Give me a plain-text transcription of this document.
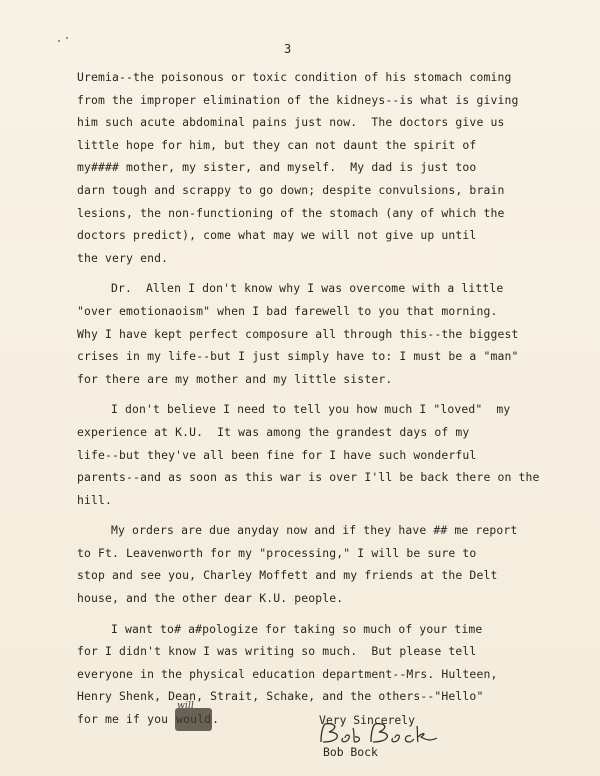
3
Uremia--the poisonous or toxic condition of his stomach coming
from the improper elimination of the kidneys--is what is giving
him such acute abdominal pains just now.  The doctors give us
little hope for him, but they can not daunt the spirit of
my#### mother, my sister, and myself.  My dad is just too
darn tough and scrappy to go down; despite convulsions, brain
lesions, the non-functioning of the stomach (any of which the
doctors predict), come what may we will not give up until
the very end.
Dr.  Allen I don't know why I was overcome with a little
"over emotionaoism" when I bad farewell to you that morning.
Why I have kept perfect composure all through this--the biggest
crises in my life--but I just simply have to: I must be a "man"
for there are my mother and my little sister.
I don't believe I need to tell you how much I "loved"  my
experience at K.U.  It was among the grandest days of my
life--but they've all been fine for I have such wonderful
parents--and as soon as this war is over I'll be back there on the
hill.
My orders are due anyday now and if they have ## me report
to Ft. Leavenworth for my "processing," I will be sure to
stop and see you, Charley Moffett and my friends at the Delt
house, and the other dear K.U. people.
I want to# a#pologize for taking so much of your time
for I didn't know I was writing so much.  But please tell
everyone in the physical education department--Mrs. Hulteen,
Henry Shenk, Dean, Strait, Schake, and the others--"Hello"
for me if you would
will
.	Very Sincerely
Bob Bock
